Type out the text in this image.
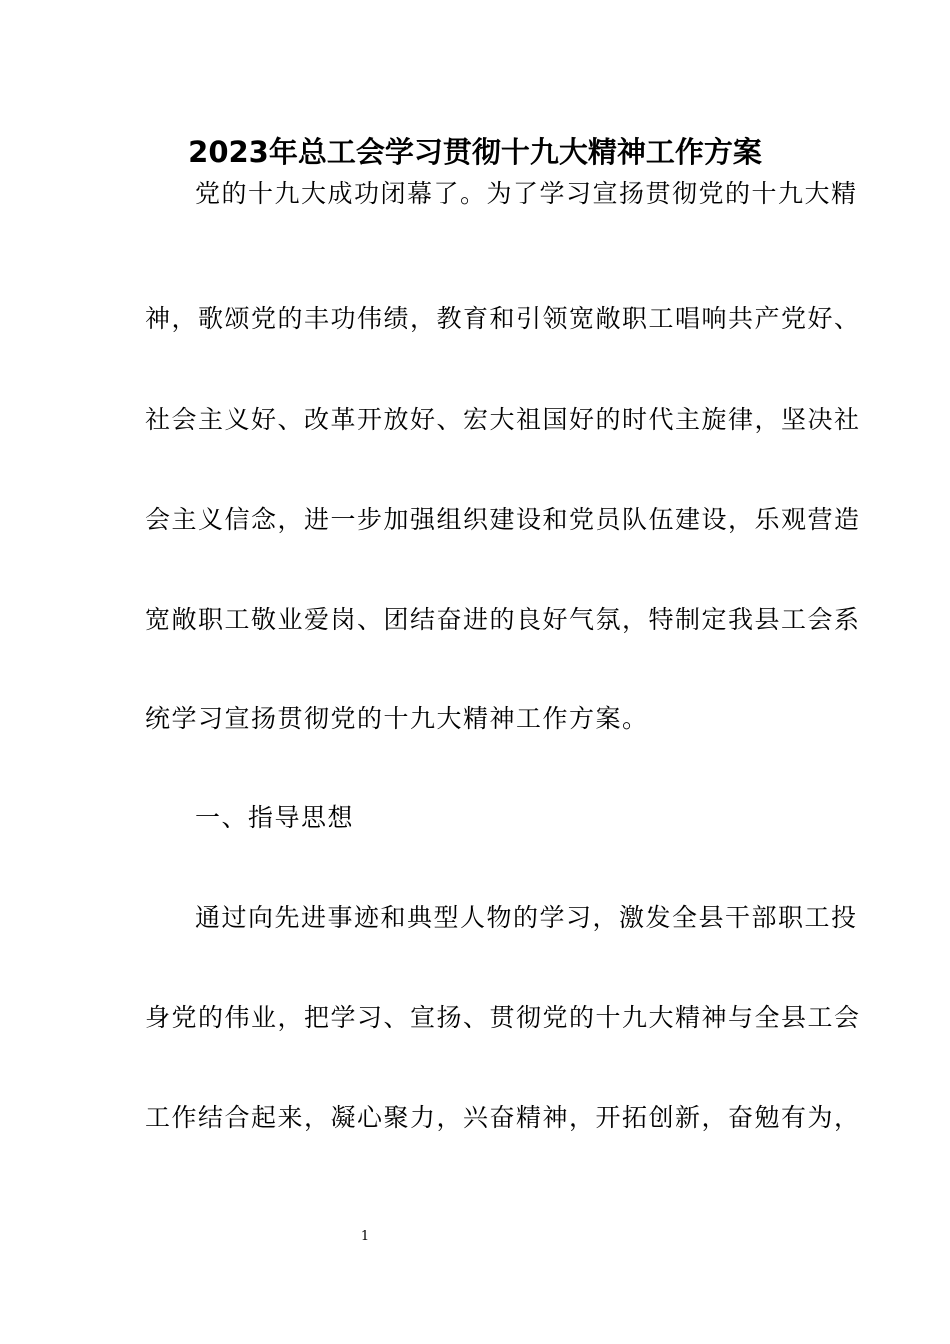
2023年总工会学习贯彻十九大精神工作方案
党的十九大成功闭幕了。为了学习宣扬贯彻党的十九大精
神，歌颂党的丰功伟绩，教育和引领宽敞职工唱响共产党好、
社会主义好、改革开放好、宏大祖国好的时代主旋律，坚决社
会主义信念，进一步加强组织建设和党员队伍建设，乐观营造
宽敞职工敬业爱岗、团结奋进的良好气氛，特制定我县工会系
统学习宣扬贯彻党的十九大精神工作方案。
一、指导思想
通过向先进事迹和典型人物的学习，激发全县干部职工投
身党的伟业，把学习、宣扬、贯彻党的十九大精神与全县工会
工作结合起来，凝心聚力，兴奋精神，开拓创新，奋勉有为，
1
